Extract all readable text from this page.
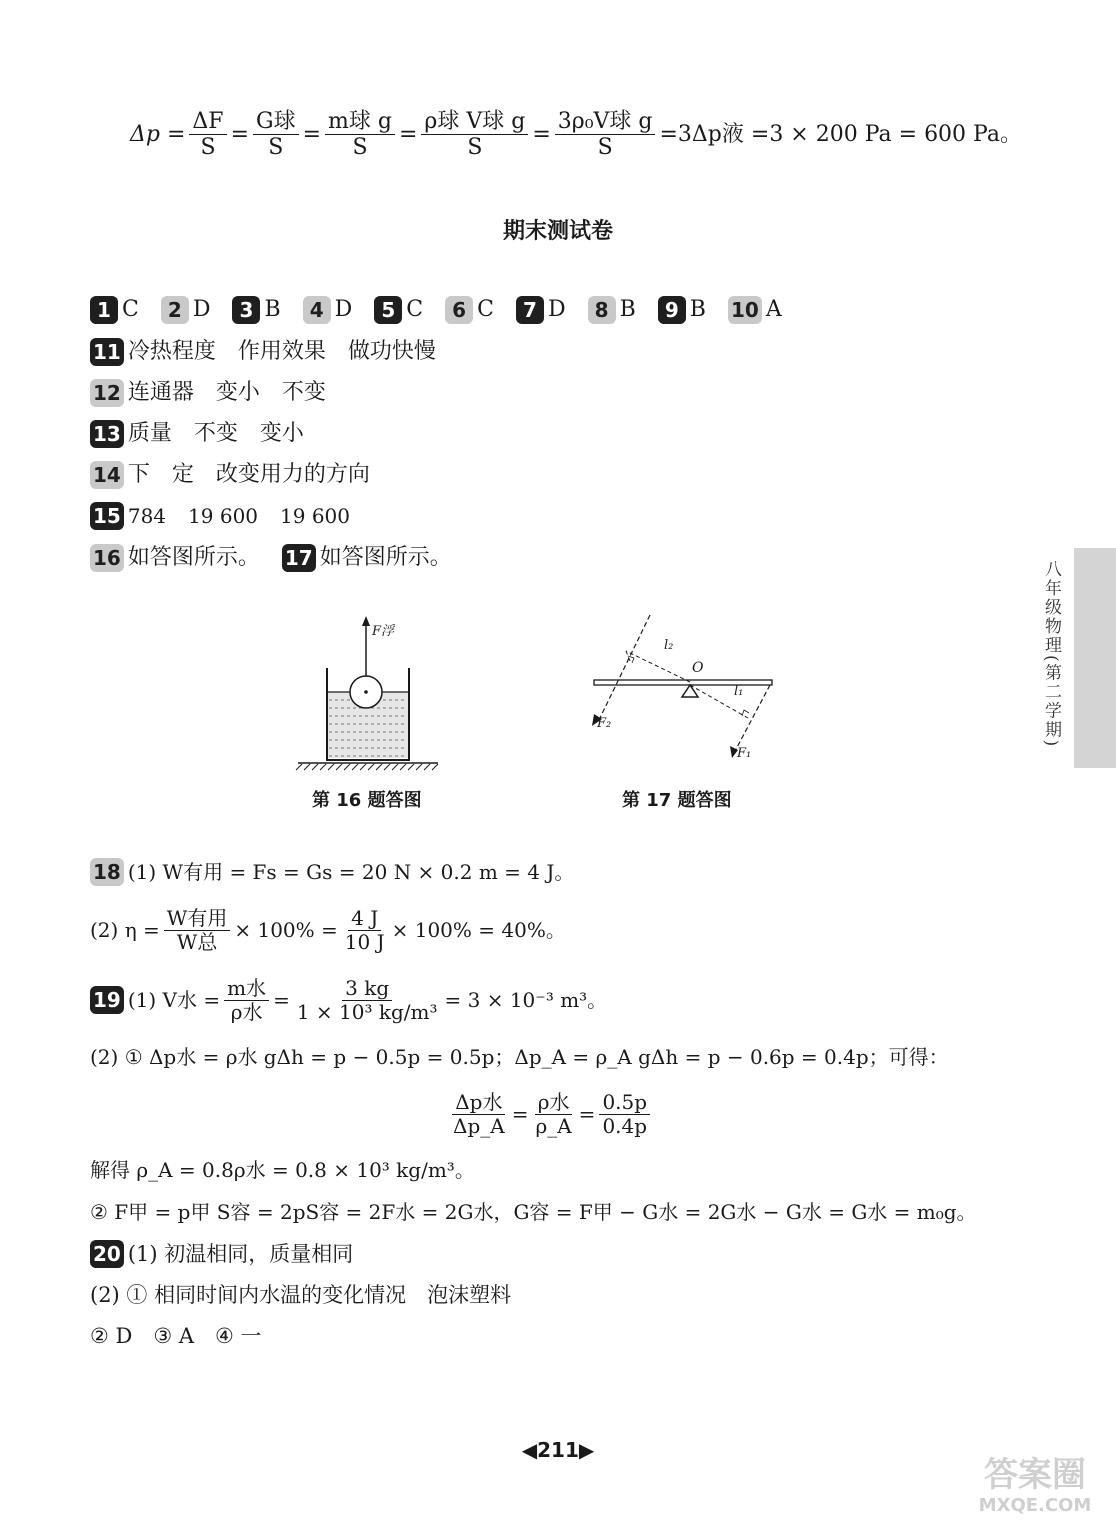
$\Delta p = \frac{\Delta F}{S} = \frac{\text{G球}}{S} = \frac{\text{m球 g}}{S} = \frac{\text{ρ球 V球 g}}{S} = \frac{\text{3ρ₀V球 g}}{S} =3\Delta p$液 =3 × 200 Pa = 600 Pa。
期末测试卷
1 C	2 D	3 B	4 D	5 C	6 C	7 D	8 B	9 B 10 A
11 冷热程度 作用效果 做功快慢
12 连通器 变小 不变
13 质量 不变 变小
14 下 定 改变用力的方向
15 784 19 600 19 600
16 如答图所示。 17 如答图所示。
八年级物理(第二学期)
F浮
第 16 题答图
l₂
O
l₁
F₂
F₁
第 17 题答图
18 (1) W有用 = Fs = Gs = 20 N × 0.2 m = 4 J。
(2) $\eta = \frac{\text{W有用}}{\text{W总}} \times 100\% = \frac{4 J}{10 J} \times 100\% = 40\%$。
19 (1) V水 = $\frac{\text{m水}}{\text{ρ水}} = \frac{3 kg}{\text{1 × 10³ kg/m³}} = 3 \times 10^{-3}$ m³。
(2) ① Δp水 = ρ水 gΔh = p − 0.5p = 0.5p；Δp_A = ρ_A gΔh = p − 0.6p = 0.4p；可得：
$\frac{\text{Δp水}}{\Delta p\_A} = \frac{\text{ρ水}}{\rho\_A} = \frac{0.5p}{0.4p}$
解得 ρ_A = 0.8ρ水 = 0.8 × 10³ kg/m³。
② F甲 = p甲 S容 = 2pS容 = 2F水 = 2G水，G容 = F甲 − G水 = 2G水 − G水 = G水 = m₀g。
20 (1) 初温相同，质量相同
(2) ① 相同时间内水温的变化情况　泡沫塑料
② D　③ A　④ 一
◀211▶
答案圈
MXQE.COM
